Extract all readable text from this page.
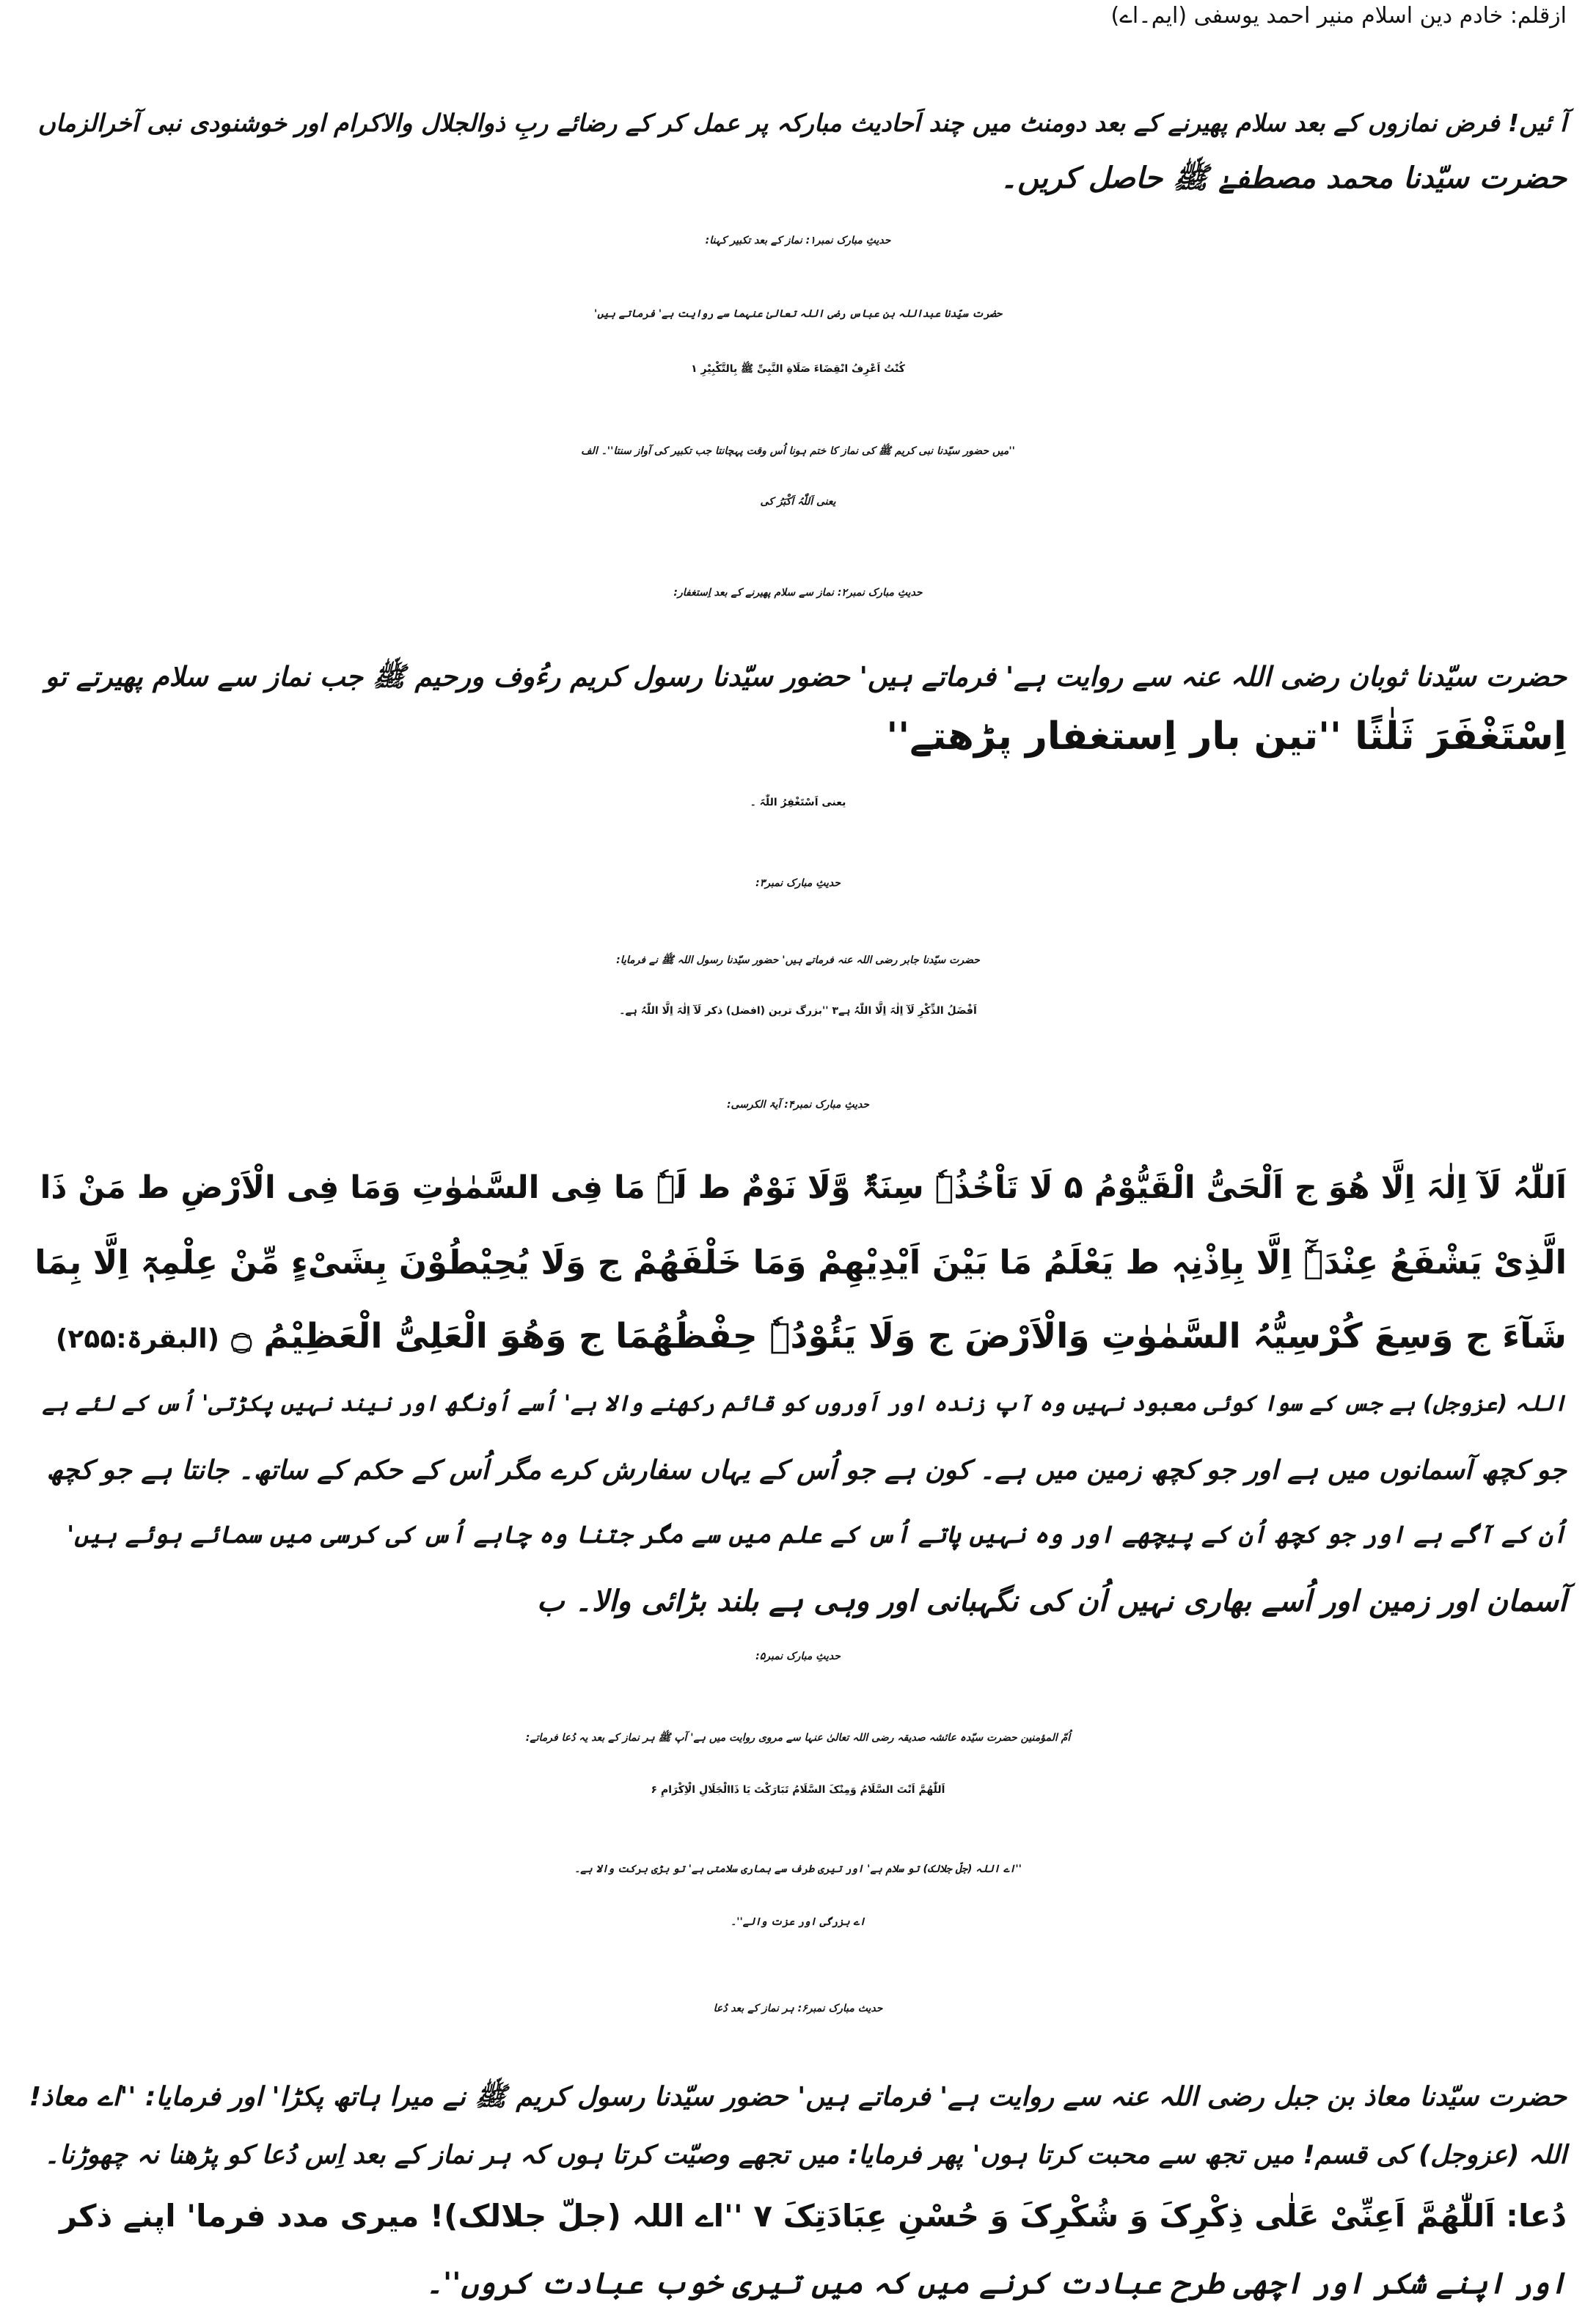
ازقلم: خادم دین اسلام منیر احمد یوسفی (ایم۔اے)
آ ئیں! فرض نمازوں کے بعد سلام پھیرنے کے بعد دومنٹ میں چند اَحادیث مبارکہ پر عمل کر کے رضائے ربِ ذوالجلال والاکرام اور خوشنودی نبی آخرالزماں
حضرت سیّدنا محمد مصطفےٰ ﷺ حاصل کریں۔
حدیثِ مبارک نمبر۱: نماز کے بعد تکبیر کہنا:
حضرت سیّدنا عبداللہ بن عباس رضی اللہ تعالیٰ عنہما سے روایت ہے' فرماتے ہیں'
کُنْتُ اَعْرِفُ انْقِضَاءَ صَلَاةِ النَّبِیِّ ﷺ بِالتَّکْبِیْرِ ۱
''میں حضور سیّدنا نبی کریم ﷺ کی نماز کا ختم ہونا اُس وقت پہچانتا جب تکبیر کی آواز سنتا''۔ الف
یعنی اَللّٰہُ اَکْبَرُ کی
حدیثِ مبارک نمبر۲: نماز سے سلام پھیرنے کے بعد اِستغفار:
حضرت سیّدنا ثوبان رضی اللہ عنہ سے روایت ہے' فرماتے ہیں' حضور سیّدنا رسول کریم رءُوف ورحیم ﷺ جب نماز سے سلام پھیرتے تو
اِسْتَغْفَرَ ثَلٰثًا ''تین بار اِستغفار پڑھتے''
یعنی اَسْتَغْفِرُ اللّٰہَ ۔
حدیثِ مبارک نمبر۳:
حضرت سیّدنا جابر رضی اللہ عنہ فرماتے ہیں' حضور سیّدنا رسول اللہ ﷺ نے فرمایا:
اَفْضَلُ الذِّکْرِ لَآ اِلٰہَ اِلَّا اللّٰہُ ہے۳ ''بزرگ ترین (افضل) ذکر لَآ اِلٰہَ اِلَّا اللّٰہُ ہے۔
حدیثِ مبارک نمبر۴: آیۃ الکرسی:
اَللّٰہُ لَآ اِلٰہَ اِلَّا ھُوَ ج اَلْحَیُّ الْقَیُّوْمُ ۵ لَا تَاْخُذُہٗ سِنَۃٌ وَّلَا نَوْمٌ ط لَہٗ مَا فِی السَّمٰوٰتِ وَمَا فِی الْاَرْضِ ط مَنْ ذَا
الَّذِیْ یَشْفَعُ عِنْدَہٗٓ اِلَّا بِاِذْنِہٖ ط یَعْلَمُ مَا بَیْنَ اَیْدِیْھِمْ وَمَا خَلْفَھُمْ ج وَلَا یُحِیْطُوْنَ بِشَیْءٍ مِّنْ عِلْمِہٖٓ اِلَّا بِمَا
شَآءَ ج وَسِعَ کُرْسِیُّہُ السَّمٰوٰتِ وَالْاَرْضَ ج وَلَا یَئُوْدُہٗ حِفْظُھُمَا ج وَھُوَ الْعَلِیُّ الْعَظِیْمُ ۝ (البقرۃ:۲۵۵)
اللہ (عزوجل) ہے جس کے سوا کوئی معبود نہیں وہ آپ زندہ اور اَوروں کو قائم رکھنے والا ہے' اُسے اُونگھ اور نیند نہیں پکڑتی' اُس کے لئے ہے
جو کچھ آسمانوں میں ہے اور جو کچھ زمین میں ہے۔ کون ہے جو اُس کے یہاں سفارش کرے مگر اُس کے حکم کے ساتھ۔ جانتا ہے جو کچھ
اُن کے آگے ہے اور جو کچھ اُن کے پیچھے اور وہ نہیں پاتے اُس کے علم میں سے مگر جتنا وہ چاہے اُس کی کرسی میں سمائے ہوئے ہیں'
آسمان اور زمین اور اُسے بھاری نہیں اُن کی نگہبانی اور وہی ہے بلند بڑائی والا۔ ب
حدیثِ مبارک نمبر۵:
اُمّ المؤمنین حضرت سیّدہ عائشہ صدیقہ رضی اللہ تعالیٰ عنہا سے مروی روایت میں ہے' آپ ﷺ ہر نماز کے بعد یہ دُعا فرماتے:
اَللّٰھُمَّ اَنْتَ السَّلَامُ وَمِنْکَ السَّلَامُ تَبَارَکْتَ یَا ذَاالْجَلَالِ الْاِکْرَامِ ۶
''اے اللہ (جلّ جلالک) تو سلام ہے' اور تیری طرف سے ہماری سلامتی ہے' تو بڑی برکت والا ہے۔
اے بزرگی اور عزت والے''۔
حدیث مبارک نمبر۶: ہر نماز کے بعد دُعا
حضرت سیّدنا معاذ بن جبل رضی اللہ عنہ سے روایت ہے' فرماتے ہیں' حضور سیّدنا رسول کریم ﷺ نے میرا ہاتھ پکڑا' اور فرمایا: ''اے معاذ!
اللہ (عزوجل) کی قسم! میں تجھ سے محبت کرتا ہوں' پھر فرمایا: میں تجھے وصیّت کرتا ہوں کہ ہر نماز کے بعد اِس دُعا کو پڑھنا نہ چھوڑنا۔
دُعا: اَللّٰھُمَّ اَعِنِّیْ عَلٰی ذِکْرِکَ وَ شُکْرِکَ وَ حُسْنِ عِبَادَتِکَ ۷ ''اے اللہ (جلّ جلالک)! میری مدد فرما' اپنے ذکر
اور اپنے شکر اور اچھی طرح عبادت کرنے میں کہ میں تیری خوب عبادت کروں''۔
